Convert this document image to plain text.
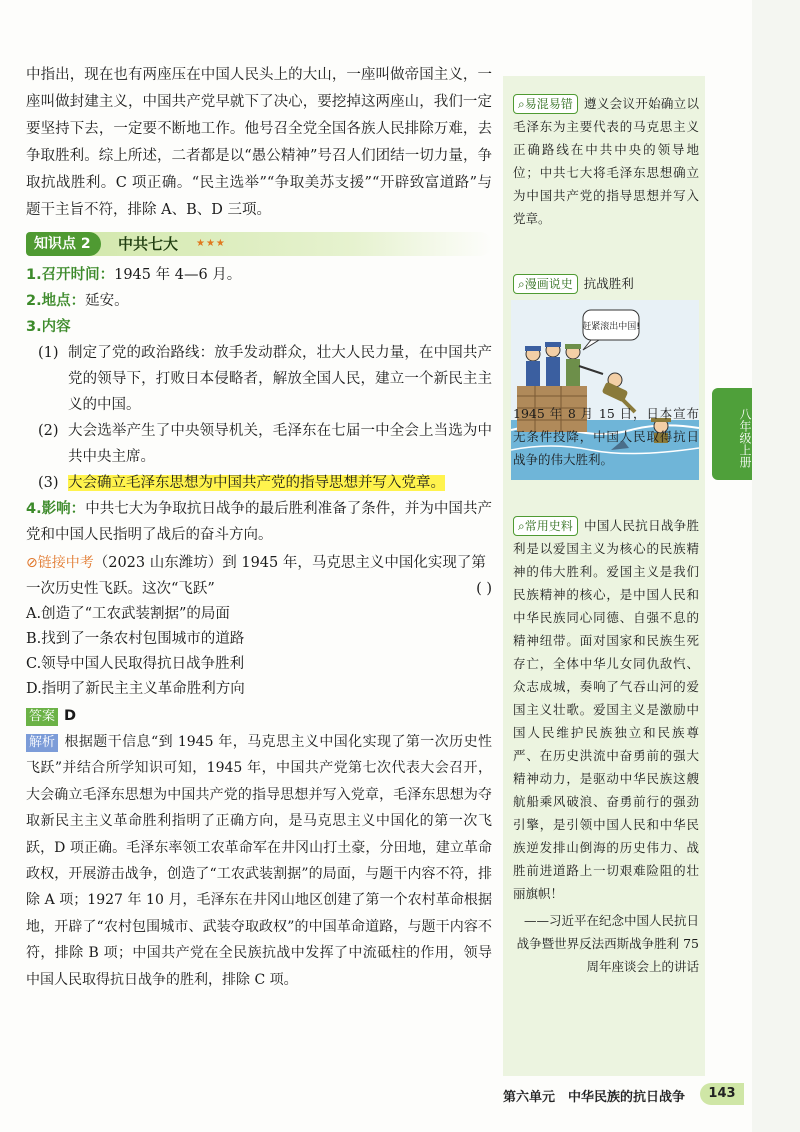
中指出，现在也有两座压在中国人民头上的大山，一座叫做帝国主义，一座叫做封建主义，中国共产党早就下了决心，要挖掉这两座山，我们一定要坚持下去，一定要不断地工作。他号召全党全国各族人民排除万难，去争取胜利。综上所述，二者都是以“愚公精神”号召人们团结一切力量，争取抗战胜利。C 项正确。“民主选举”“争取美苏支援”“开辟致富道路”与题干主旨不符，排除 A、B、D 三项。

知识点 2	中共七大 ★★★

1.召开时间：1945 年 4—6 月。

2.地点：延安。

3.内容

(1) 制定了党的政治路线：放手发动群众，壮大人民力量，在中国共产党的领导下，打败日本侵略者，解放全国人民，建立一个新民主主义的中国。
(2) 大会选举产生了中央领导机关，毛泽东在七届一中全会上当选为中共中央主席。
(3) 大会确立毛泽东思想为中国共产党的指导思想并写入党章。

4.影响：中共七大为争取抗日战争的最后胜利准备了条件，并为中国共产党和中国人民指明了战后的奋斗方向。

⊘链接中考（2023 山东潍坊）到 1945 年，马克思主义中国化实现了第一次历史性飞跃。这次“飞跃”	( )

A.创造了“工农武装割据”的局面

B.找到了一条农村包围城市的道路

C.领导中国人民取得抗日战争胜利

D.指明了新民主主义革命胜利方向

答案 D

解析 根据题干信息“到 1945 年，马克思主义中国化实现了第一次历史性飞跃”并结合所学知识可知，1945 年，中国共产党第七次代表大会召开，大会确立毛泽东思想为中国共产党的指导思想并写入党章，毛泽东思想为夺取新民主主义革命胜利指明了正确方向，是马克思主义中国化的第一次飞跃，D 项正确。毛泽东率领工农革命军在井冈山打土豪，分田地，建立革命政权，开展游击战争，创造了“工农武装割据”的局面，与题干内容不符，排除 A 项；1927 年 10 月，毛泽东在井冈山地区创建了第一个农村革命根据地，开辟了“农村包围城市、武装夺取政权”的中国革命道路，与题干内容不符，排除 B 项；中国共产党在全民族抗战中发挥了中流砥柱的作用，领导中国人民取得抗日战争的胜利，排除 C 项。

⌕易混易错 遵义会议开始确立以毛泽东为主要代表的马克思主义正确路线在中共中央的领导地位；中共七大将毛泽东思想确立为中国共产党的指导思想并写入党章。

⌕漫画说史 抗战胜利

赶紧滚出中国!

1945 年 8 月 15 日，日本宣布无条件投降，中国人民取得抗日战争的伟大胜利。

⌕常用史料 中国人民抗日战争胜利是以爱国主义为核心的民族精神的伟大胜利。爱国主义是我们民族精神的核心，是中国人民和中华民族同心同德、自强不息的精神纽带。面对国家和民族生死存亡，全体中华儿女同仇敌忾、众志成城，奏响了气吞山河的爱国主义壮歌。爱国主义是激励中国人民维护民族独立和民族尊严、在历史洪流中奋勇前的强大精神动力，是驱动中华民族这艘航船乘风破浪、奋勇前行的强劲引擎，是引领中国人民和中华民族逆发排山倒海的历史伟力、战胜前进道路上一切艰难险阻的壮丽旗帜！

——习近平在纪念中国人民抗日战争暨世界反法西斯战争胜利 75 周年座谈会上的讲话

八年级上册
第六单元　中华民族的抗日战争	143
